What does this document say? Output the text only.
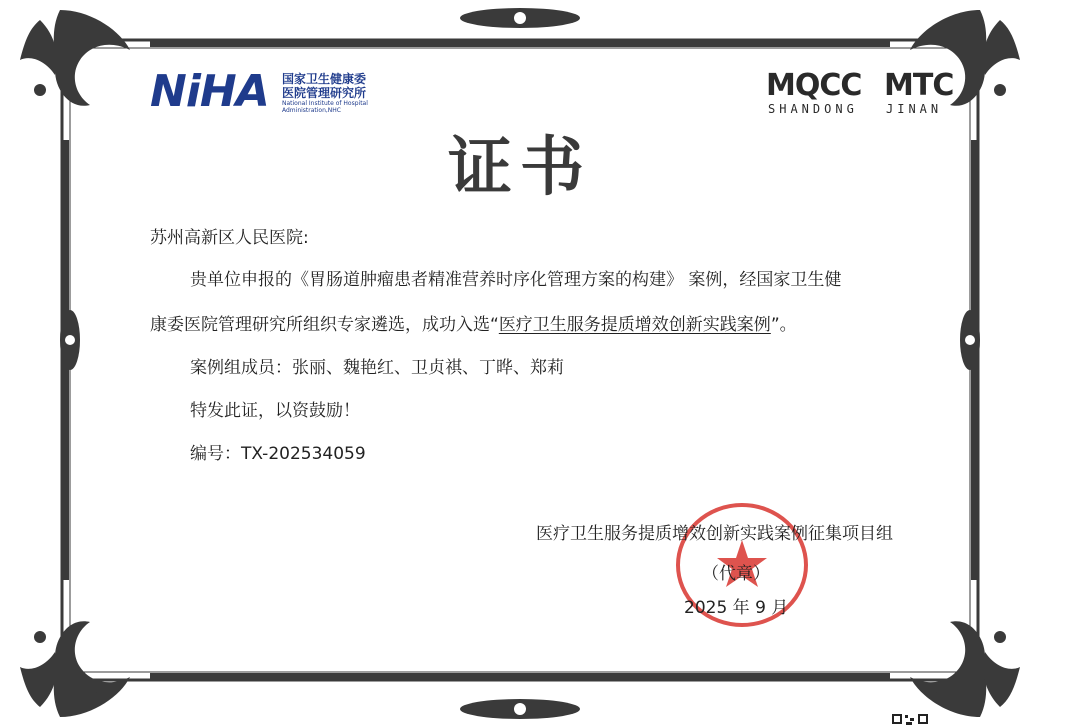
NiHA 国家卫生健康委
医院管理研究所
National Institute of Hospital
Administration,NHC
MQCC
SHANDONG
MTC
JINAN
证书
苏州高新区人民医院:
贵单位申报的《胃肠道肿瘤患者精准营养时序化管理方案的构建》 案例，经国家卫生健
康委医院管理研究所组织专家遴选，成功入选“医疗卫生服务提质增效创新实践案例”。
案例组成员：张丽、魏艳红、卫贞祺、丁晔、郑莉
特发此证，以资鼓励！
编号：TX-202534059
医疗卫生服务提质增效创新实践案例征集项目组
（代章）
2025 年 9 月
